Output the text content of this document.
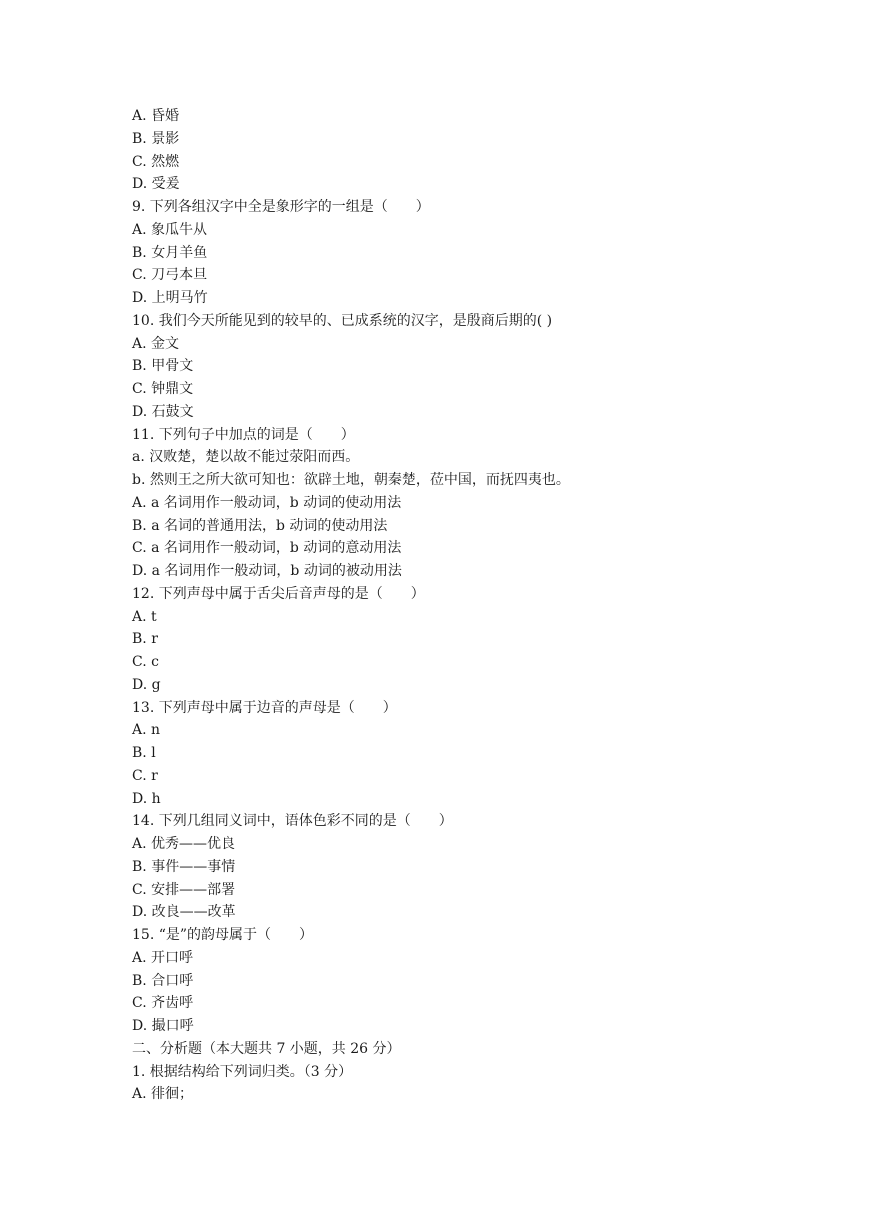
A. 昏婚

B. 景影

C. 然燃

D. 受爰

9. 下列各组汉字中全是象形字的一组是（　　）

A. 象瓜牛从

B. 女月羊鱼

C. 刀弓本旦

D. 上明马竹

10. 我们今天所能见到的较早的、已成系统的汉字，是殷商后期的( )

A. 金文

B. 甲骨文

C. 钟鼎文

D. 石鼓文

11. 下列句子中加点的词是（　　）

a. 汉败楚，楚以故不能过荥阳而西。

b. 然则王之所大欲可知也：欲辟土地，朝秦楚，莅中国，而抚四夷也。

A. a 名词用作一般动词，b 动词的使动用法

B. a 名词的普通用法，b 动词的使动用法

C. a 名词用作一般动词，b 动词的意动用法

D. a 名词用作一般动词，b 动词的被动用法

12. 下列声母中属于舌尖后音声母的是（　　）

A. t

B. r

C. c

D. g

13. 下列声母中属于边音的声母是（　　）

A. n

B. l

C. r

D. h

14. 下列几组同义词中，语体色彩不同的是（　　）

A. 优秀——优良

B. 事件——事情

C. 安排——部署

D. 改良——改革

15. “是”的韵母属于（　　）

A. 开口呼

B. 合口呼

C. 齐齿呼

D. 撮口呼

二、分析题（本大题共 7 小题，共 26 分）

1. 根据结构给下列词归类。（3 分）

A. 徘徊；
